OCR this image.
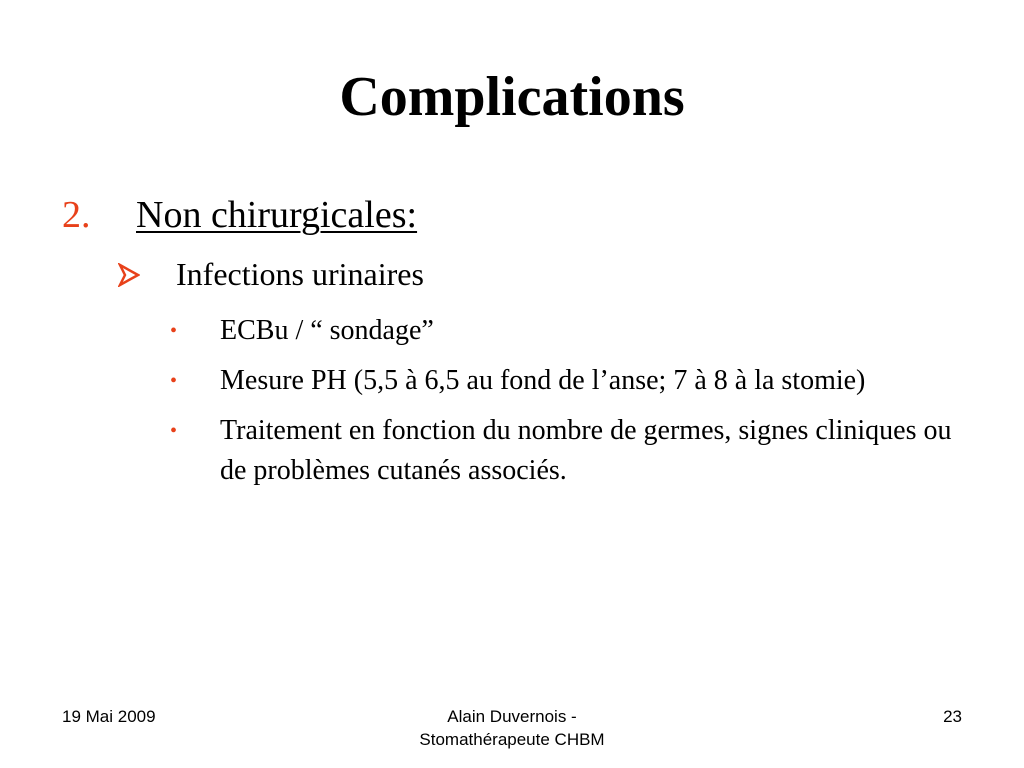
Complications
2. Non chirurgicales:
Infections urinaires
• ECBu / “ sondage”
• Mesure PH (5,5 à 6,5 au fond de l’anse; 7 à 8 à la stomie)
• Traitement en fonction du nombre de germes, signes cliniques ou de problèmes cutanés associés.
19 Mai 2009	Alain Duvernois -
Stomathérapeute CHBM
23
